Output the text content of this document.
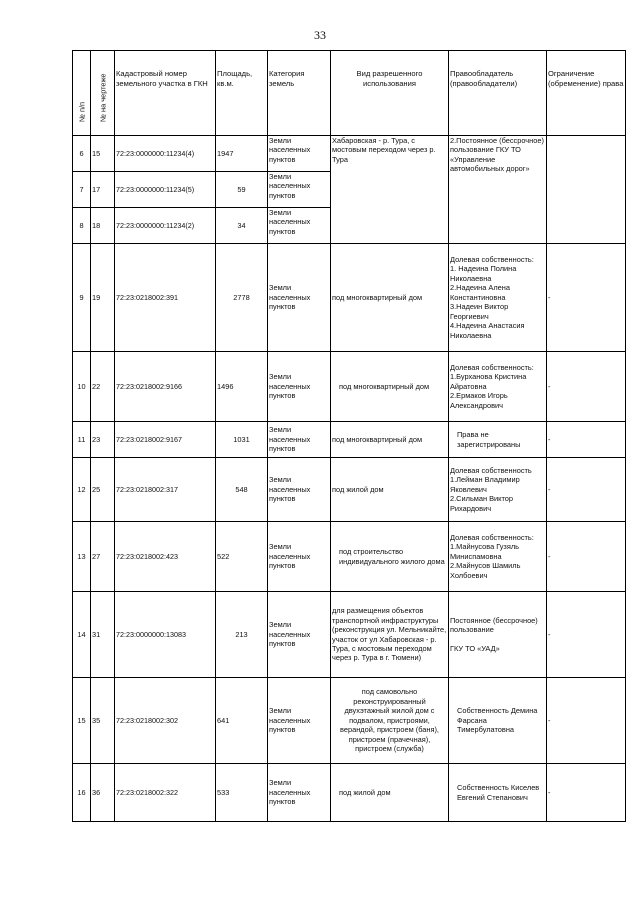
33
№ п/п	№ на чертеже	Кадастровый номер земельного участка в ГКН	Площадь, кв.м.	Категория земель	Вид разрешенного использования	Правообладатель (правообладатели)	Ограничение (обременение) права
6	15	72:23:0000000:11234(4)	1947	Земли населенных пунктов	Хабаровская - р. Тура, с мостовым переходом через р. Тура	2.Постоянное (бессрочное) пользование ГКУ ТО «Управление автомобильных дорог»	
7	17	72:23:0000000:11234(5)	59	Земли населенных пунктов			
8	18	72:23:0000000:11234(2)	34	Земли населенных пунктов			
9	19	72:23:0218002:391	2778	Земли населенных пунктов	под многоквартирный дом	Долевая собственность:
1. Надеина Полина Николаевна
2.Надеина Алена Константиновна
3.Надеин Виктор Георгиевич
4.Надеина Анастасия Николаевна	-
10	22	72:23:0218002:9166	1496	Земли населенных пунктов	под многоквартирный дом	Долевая собственность:
1.Бурханова Кристина Айратовна
2.Ермаков Игорь Александрович	-
11	23	72:23:0218002:9167	1031	Земли населенных пунктов	под многоквартирный дом	Права не зарегистрированы	-
12	25	72:23:0218002:317	548	Земли населенных пунктов	под жилой дом	Долевая собственность
1.Лейман Владимир Яковлевич
2.Сильман Виктор Рихардович	-
13	27	72:23:0218002:423	522	Земли населенных пунктов	под строительство индивидуального жилого дома	Долевая собственность:
1.Майнусова Гузяль Миниспамовна
2.Майнусов Шамиль Холбоевич	-
14	31	72:23:0000000:13083	213	Земли населенных пунктов	для размещения объектов транспортной инфраструктуры (реконструкция ул. Мельникайте, участок от ул Хабаровская - р. Тура, с мостовым переходом через р. Тура в г. Тюмени)	Постоянное (бессрочное) пользование

ГКУ ТО «УАД»	-
15	35	72:23:0218002:302	641	Земли населенных пунктов	под самовольно реконструированный двухэтажный жилой дом с подвалом, пристроями, верандой, пристроем (баня), пристроем (прачечная), пристроем (служба)	Собственность Демина Фарсана Тимербулатовна	-
16	36	72:23:0218002:322	533	Земли населенных пунктов	под жилой дом	Собственность Киселев Евгений Степанович	-
